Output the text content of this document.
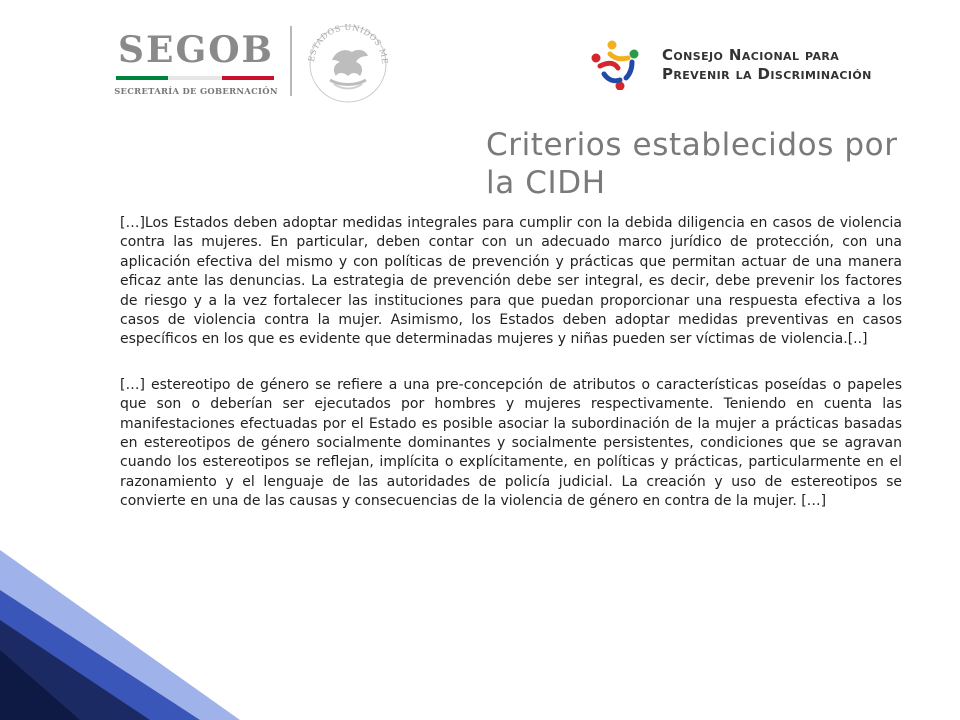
SEGOB
SECRETARÍA DE GOBERNACIÓN
ESTADOS UNIDOS ME	Consejo Nacional para
Prevenir la Discriminación
Criterios establecidos por la CIDH

[…]Los Estados deben adoptar medidas integrales para cumplir con la debida diligencia en casos de violencia contra las mujeres. En particular, deben contar con un adecuado marco jurídico de protección, con una aplicación efectiva del mismo y con políticas de prevención y prácticas que permitan actuar de una manera eficaz ante las denuncias. La estrategia de prevención debe ser integral, es decir, debe prevenir los factores de riesgo y a la vez fortalecer las instituciones para que puedan proporcionar una respuesta efectiva a los casos de violencia contra la mujer. Asimismo, los Estados deben adoptar medidas preventivas en casos específicos en los que es evidente que determinadas mujeres y niñas pueden ser víctimas de violencia.[..]

[…] estereotipo de género se refiere a una pre-concepción de atributos o características poseídas o papeles que son o deberían ser ejecutados por hombres y mujeres respectivamente. Teniendo en cuenta las manifestaciones efectuadas por el Estado es posible asociar la subordinación de la mujer a prácticas basadas en estereotipos de género socialmente dominantes y socialmente persistentes, condiciones que se agravan cuando los estereotipos se reflejan, implícita o explícitamente, en políticas y prácticas, particularmente en el razonamiento y el lenguaje de las autoridades de policía judicial. La creación y uso de estereotipos se convierte en una de las causas y consecuencias de la violencia de género en contra de la mujer. […]
